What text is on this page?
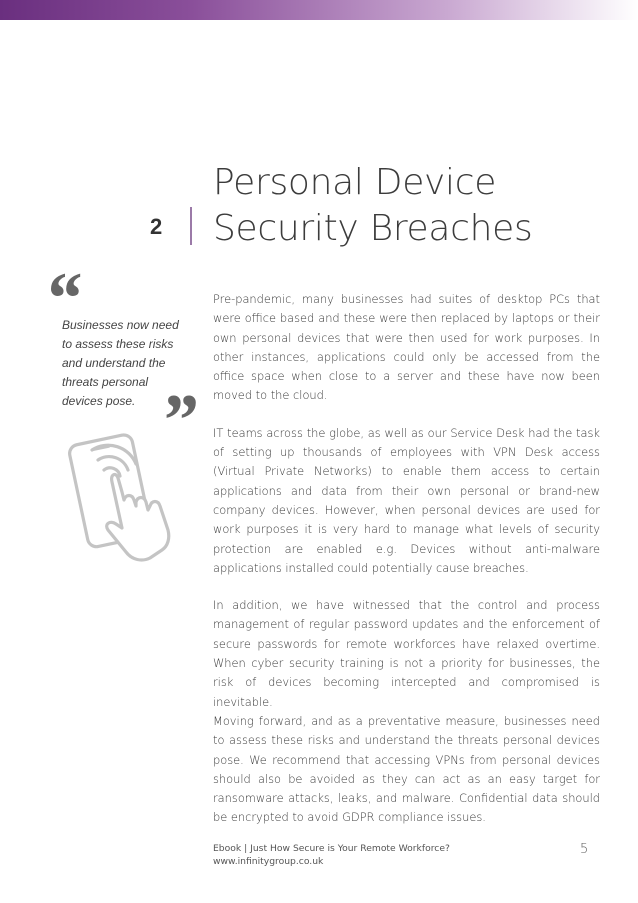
Personal Device
Security Breaches
2
“
Businesses now need to assess these risks and understand the threats personal devices pose. ”

Pre-pandemic, many businesses had suites of desktop PCs that were office based and these were then replaced by laptops or their own personal devices that were then used for work purposes. In other instances, applications could only be accessed from the office space when close to a server and these have now been moved to the cloud.

IT teams across the globe, as well as our Service Desk had the task of setting up thousands of employees with VPN Desk access (Virtual Private Networks) to enable them access to certain applications and data from their own personal or brand-new company devices. However, when personal devices are used for work purposes it is very hard to manage what levels of security protection are enabled e.g. Devices without anti-malware applications installed could potentially cause breaches.

In addition, we have witnessed that the control and process management of regular password updates and the enforcement of secure passwords for remote workforces have relaxed overtime. When cyber security training is not a priority for businesses, the risk of devices becoming intercepted and compromised is inevitable.

Moving forward, and as a preventative measure, businesses need to assess these risks and understand the threats personal devices pose. We recommend that accessing VPNs from personal devices should also be avoided as they can act as an easy target for ransomware attacks, leaks, and malware. Confidential data should be encrypted to avoid GDPR compliance issues.

Ebook | Just How Secure is Your Remote Workforce?
www.infinitygroup.co.uk
5
